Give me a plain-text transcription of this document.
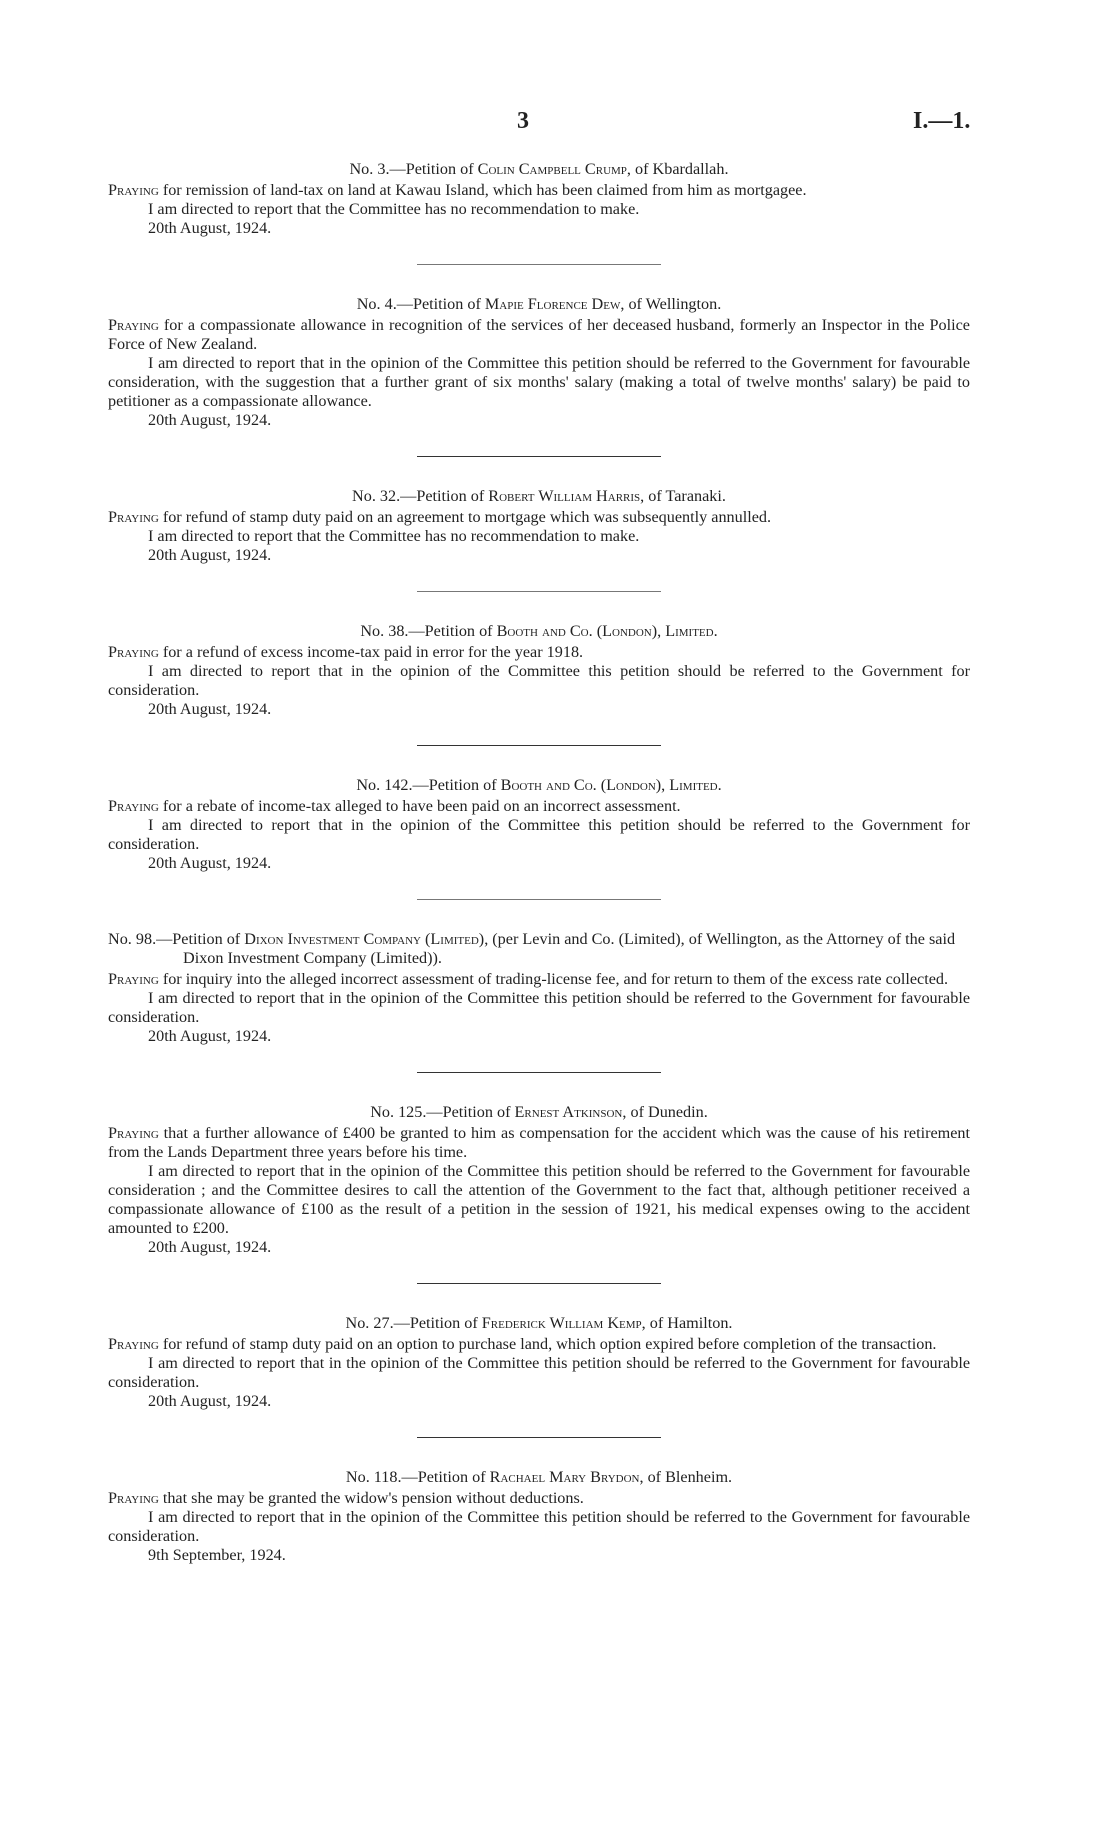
3	I.—1.

No. 3.—Petition of Colin Campbell Crump, of Kbardallah.

Praying for remission of land-tax on land at Kawau Island, which has been claimed from him as mortgagee.

I am directed to report that the Committee has no recommendation to make.

20th August, 1924.

No. 4.—Petition of Mapie Florence Dew, of Wellington.

Praying for a compassionate allowance in recognition of the services of her deceased husband, formerly an Inspector in the Police Force of New Zealand.

I am directed to report that in the opinion of the Committee this petition should be referred to the Government for favourable consideration, with the suggestion that a further grant of six months' salary (making a total of twelve months' salary) be paid to petitioner as a compassionate allowance.

20th August, 1924.

No. 32.—Petition of Robert William Harris, of Taranaki.

Praying for refund of stamp duty paid on an agreement to mortgage which was subsequently annulled.

I am directed to report that the Committee has no recommendation to make.

20th August, 1924.

No. 38.—Petition of Booth and Co. (London), Limited.

Praying for a refund of excess income-tax paid in error for the year 1918.

I am directed to report that in the opinion of the Committee this petition should be referred to the Government for consideration.

20th August, 1924.

No. 142.—Petition of Booth and Co. (London), Limited.

Praying for a rebate of income-tax alleged to have been paid on an incorrect assessment.

I am directed to report that in the opinion of the Committee this petition should be referred to the Government for consideration.

20th August, 1924.

No. 98.—Petition of Dixon Investment Company (Limited), (per Levin and Co. (Limited), of Wellington, as the Attorney of the said Dixon Investment Company (Limited)).

Praying for inquiry into the alleged incorrect assessment of trading-license fee, and for return to them of the excess rate collected.

I am directed to report that in the opinion of the Committee this petition should be referred to the Government for favourable consideration.

20th August, 1924.

No. 125.—Petition of Ernest Atkinson, of Dunedin.

Praying that a further allowance of £400 be granted to him as compensation for the accident which was the cause of his retirement from the Lands Department three years before his time.

I am directed to report that in the opinion of the Committee this petition should be referred to the Government for favourable consideration ; and the Committee desires to call the attention of the Government to the fact that, although petitioner received a compassionate allowance of £100 as the result of a petition in the session of 1921, his medical expenses owing to the accident amounted to £200.

20th August, 1924.

No. 27.—Petition of Frederick William Kemp, of Hamilton.

Praying for refund of stamp duty paid on an option to purchase land, which option expired before completion of the transaction.

I am directed to report that in the opinion of the Committee this petition should be referred to the Government for favourable consideration.

20th August, 1924.

No. 118.—Petition of Rachael Mary Brydon, of Blenheim.

Praying that she may be granted the widow's pension without deductions.

I am directed to report that in the opinion of the Committee this petition should be referred to the Government for favourable consideration.

9th September, 1924.
